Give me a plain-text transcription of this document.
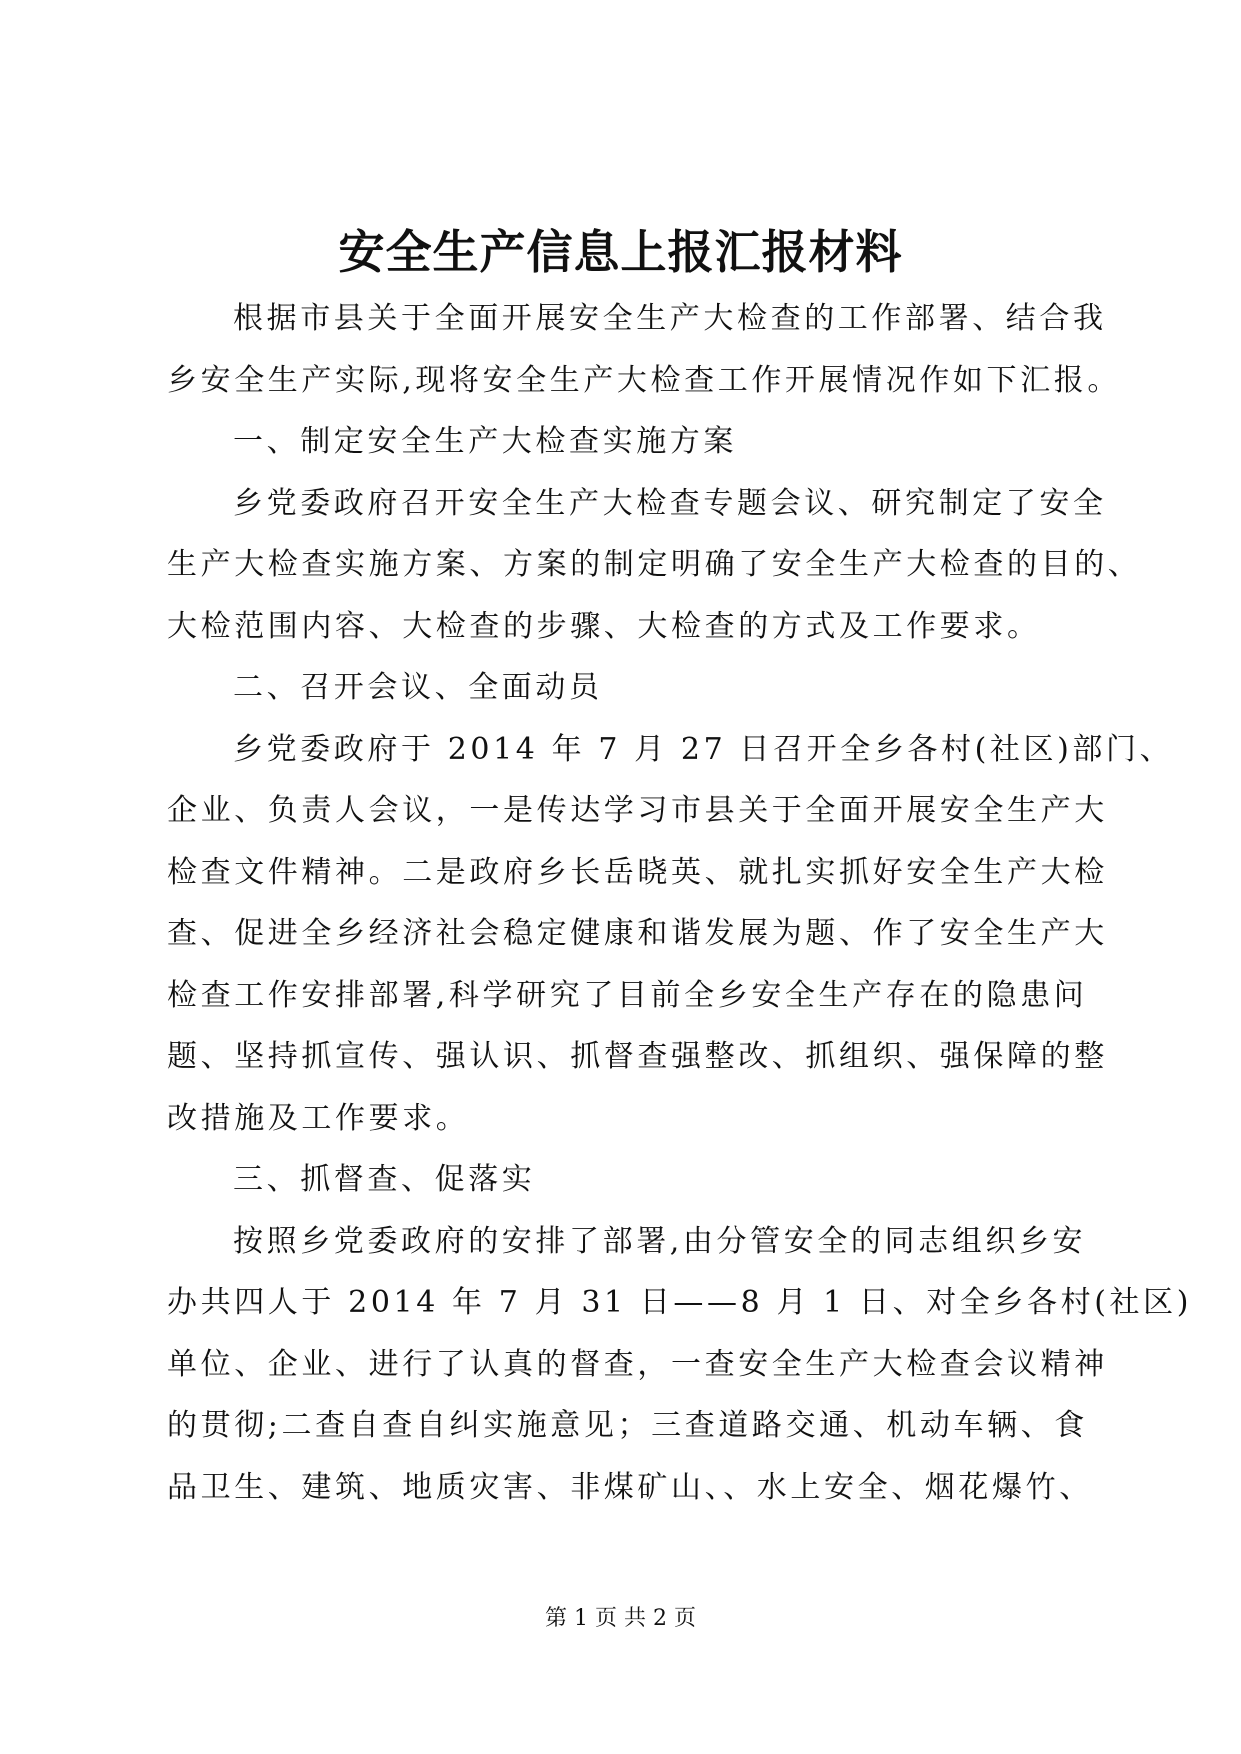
安全生产信息上报汇报材料
根据市县关于全面开展安全生产大检查的工作部署、结合我
乡安全生产实际,现将安全生产大检查工作开展情况作如下汇报。
一、制定安全生产大检查实施方案
乡党委政府召开安全生产大检查专题会议、研究制定了安全
生产大检查实施方案、方案的制定明确了安全生产大检查的目的、
大检范围内容、大检查的步骤、大检查的方式及工作要求。
二、召开会议、全面动员
乡党委政府于 2014 年 7 月 27 日召开全乡各村(社区)部门、
企业、负责人会议，一是传达学习市县关于全面开展安全生产大
检查文件精神。二是政府乡长岳晓英、就扎实抓好安全生产大检
查、促进全乡经济社会稳定健康和谐发展为题、作了安全生产大
检查工作安排部署,科学研究了目前全乡安全生产存在的隐患问
题、坚持抓宣传、强认识、抓督查强整改、抓组织、强保障的整
改措施及工作要求。
三、抓督查、促落实
按照乡党委政府的安排了部署,由分管安全的同志组织乡安
办共四人于 2014 年 7 月 31 日——8 月 1 日、对全乡各村(社区)
单位、企业、进行了认真的督查，一查安全生产大检查会议精神
的贯彻;二查自查自纠实施意见；三查道路交通、机动车辆、食
品卫生、建筑、地质灾害、非煤矿山、、水上安全、烟花爆竹、
第 1 页 共 2 页
